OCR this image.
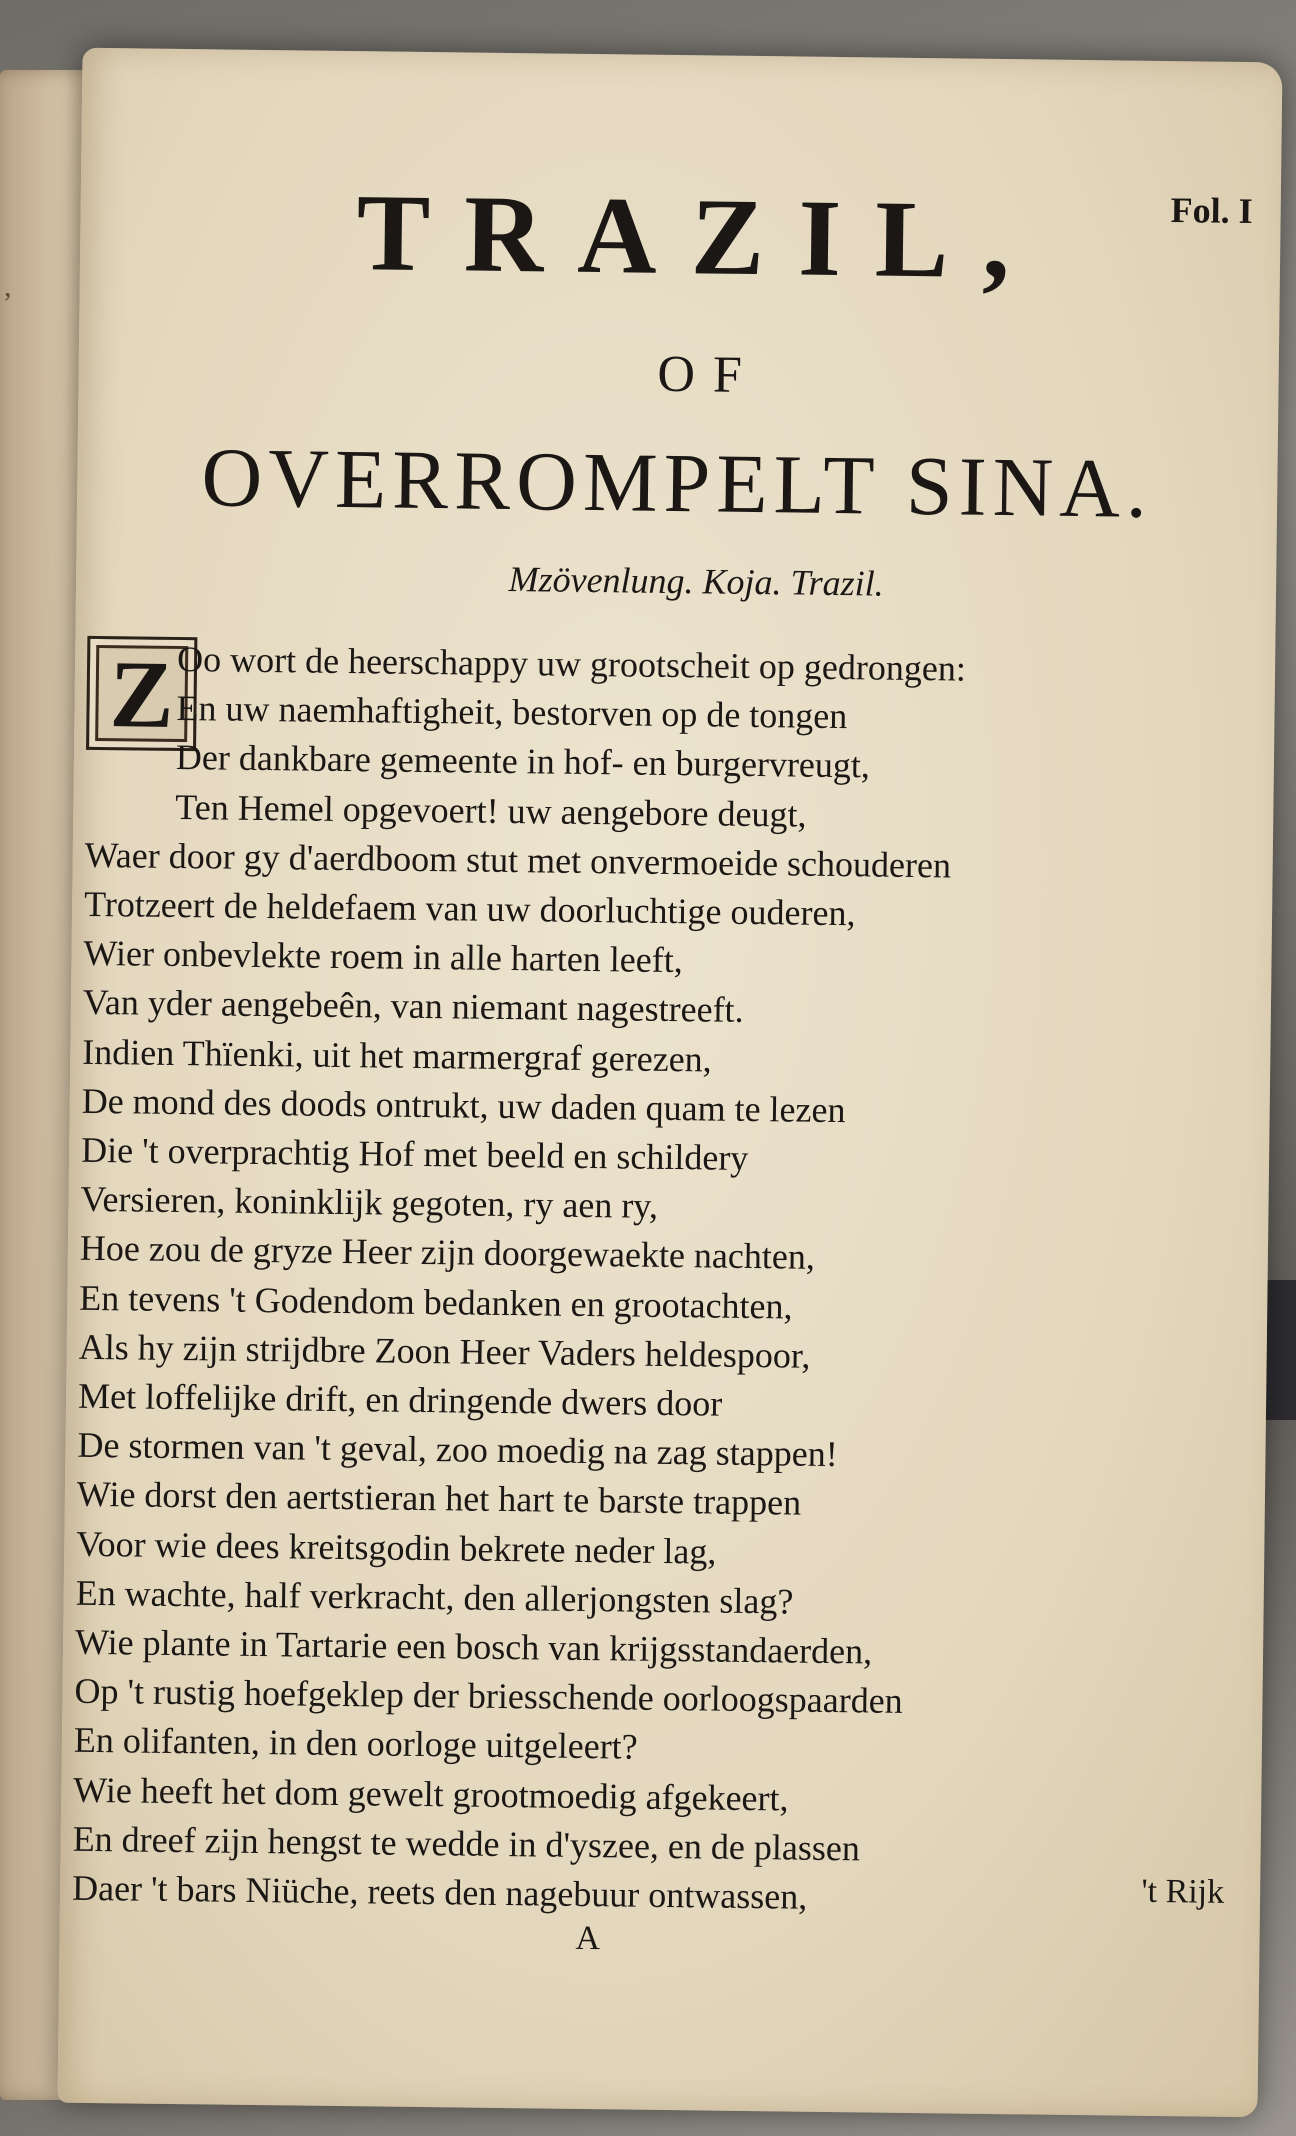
,
Fol. I
TRAZIL,
OF
OVERROMPELT SINA.
Mzövenlung. Koja. Trazil.
Z Oo wort de heerschappy uw grootscheit op gedrongen:
En uw naemhaftigheit, bestorven op de tongen
Der dankbare gemeente in hof- en burgervreugt,
Ten Hemel opgevoert! uw aengebore deugt,
Waer door gy d'aerdboom stut met onvermoeide schouderen
Trotzeert de heldefaem van uw doorluchtige ouderen,
Wier onbevlekte roem in alle harten leeft,
Van yder aengebeên, van niemant nagestreeft.
Indien Thïenki, uit het marmergraf gerezen,
De mond des doods ontrukt, uw daden quam te lezen
Die 't overprachtig Hof met beeld en schildery
Versieren, koninklijk gegoten, ry aen ry,
Hoe zou de gryze Heer zijn doorgewaekte nachten,
En tevens 't Godendom bedanken en grootachten,
Als hy zijn strijdbre Zoon Heer Vaders heldespoor,
Met loffelijke drift, en dringende dwers door
De stormen van 't geval, zoo moedig na zag stappen!
Wie dorst den aertstieran het hart te barste trappen
Voor wie dees kreitsgodin bekrete neder lag,
En wachte, half verkracht, den allerjongsten slag?
Wie plante in Tartarie een bosch van krijgsstandaerden,
Op 't rustig hoefgeklep der briesschende oorloogspaarden
En olifanten, in den oorloge uitgeleert?
Wie heeft het dom gewelt grootmoedig afgekeert,
En dreef zijn hengst te wedde in d'yszee, en de plassen
Daer 't bars Niüche, reets den nagebuur ontwassen,	't Rijk
A
